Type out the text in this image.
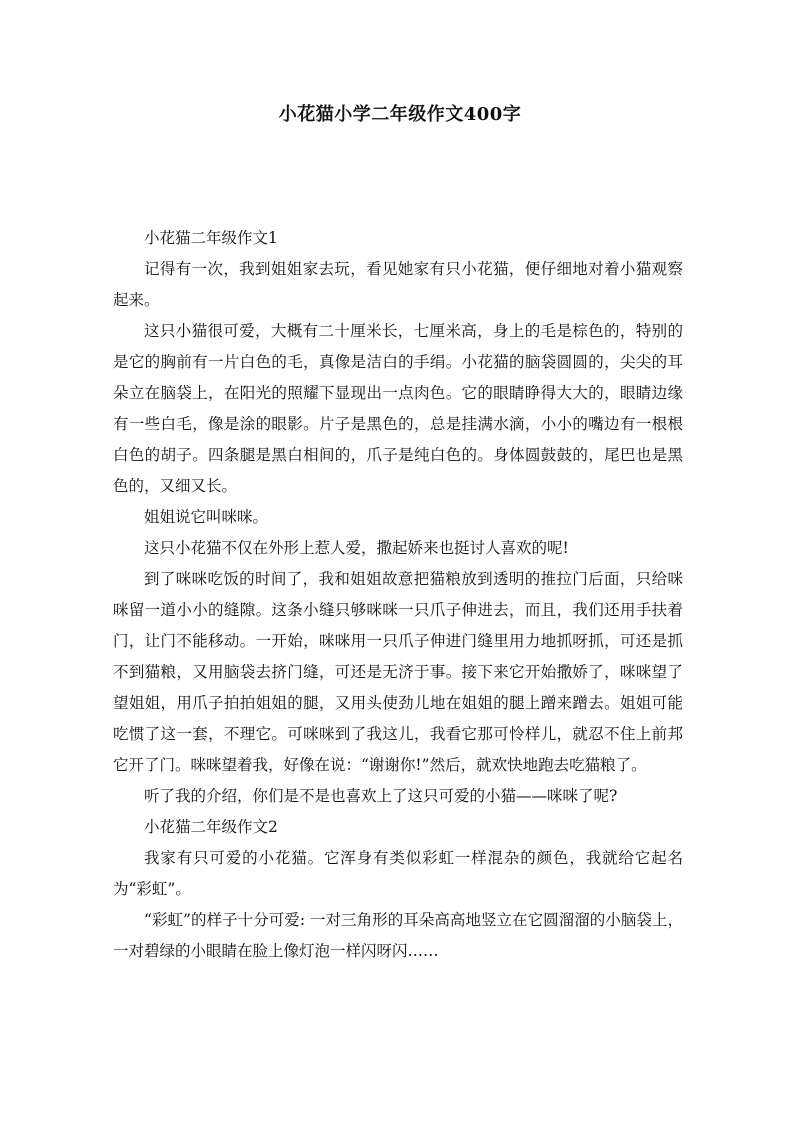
小花猫小学二年级作文400字

小花猫二年级作文1

记得有一次，我到姐姐家去玩，看见她家有只小花猫，便仔细地对着小猫观察起来。

这只小猫很可爱，大概有二十厘米长，七厘米高，身上的毛是棕色的，特别的是它的胸前有一片白色的毛，真像是洁白的手绢。小花猫的脑袋圆圆的，尖尖的耳朵立在脑袋上，在阳光的照耀下显现出一点肉色。它的眼睛睁得大大的，眼睛边缘有一些白毛，像是涂的眼影。片子是黑色的，总是挂满水滴，小小的嘴边有一根根白色的胡子。四条腿是黑白相间的，爪子是纯白色的。身体圆鼓鼓的，尾巴也是黑色的，又细又长。

姐姐说它叫咪咪。

这只小花猫不仅在外形上惹人爱，撒起娇来也挺讨人喜欢的呢!

到了咪咪吃饭的时间了，我和姐姐故意把猫粮放到透明的推拉门后面，只给咪咪留一道小小的缝隙。这条小缝只够咪咪一只爪子伸进去，而且，我们还用手扶着门，让门不能移动。一开始，咪咪用一只爪子伸进门缝里用力地抓呀抓，可还是抓不到猫粮，又用脑袋去挤门缝，可还是无济于事。接下来它开始撒娇了，咪咪望了望姐姐，用爪子拍拍姐姐的腿，又用头使劲儿地在姐姐的腿上蹭来蹭去。姐姐可能吃惯了这一套，不理它。可咪咪到了我这儿，我看它那可怜样儿，就忍不住上前邦它开了门。咪咪望着我，好像在说：“谢谢你!”然后，就欢快地跑去吃猫粮了。

听了我的介绍，你们是不是也喜欢上了这只可爱的小猫——咪咪了呢?

小花猫二年级作文2

我家有只可爱的小花猫。它浑身有类似彩虹一样混杂的颜色，我就给它起名为“彩虹”。

“彩虹”的样子十分可爱: 一对三角形的耳朵高高地竖立在它圆溜溜的小脑袋上，一对碧绿的小眼睛在脸上像灯泡一样闪呀闪……
